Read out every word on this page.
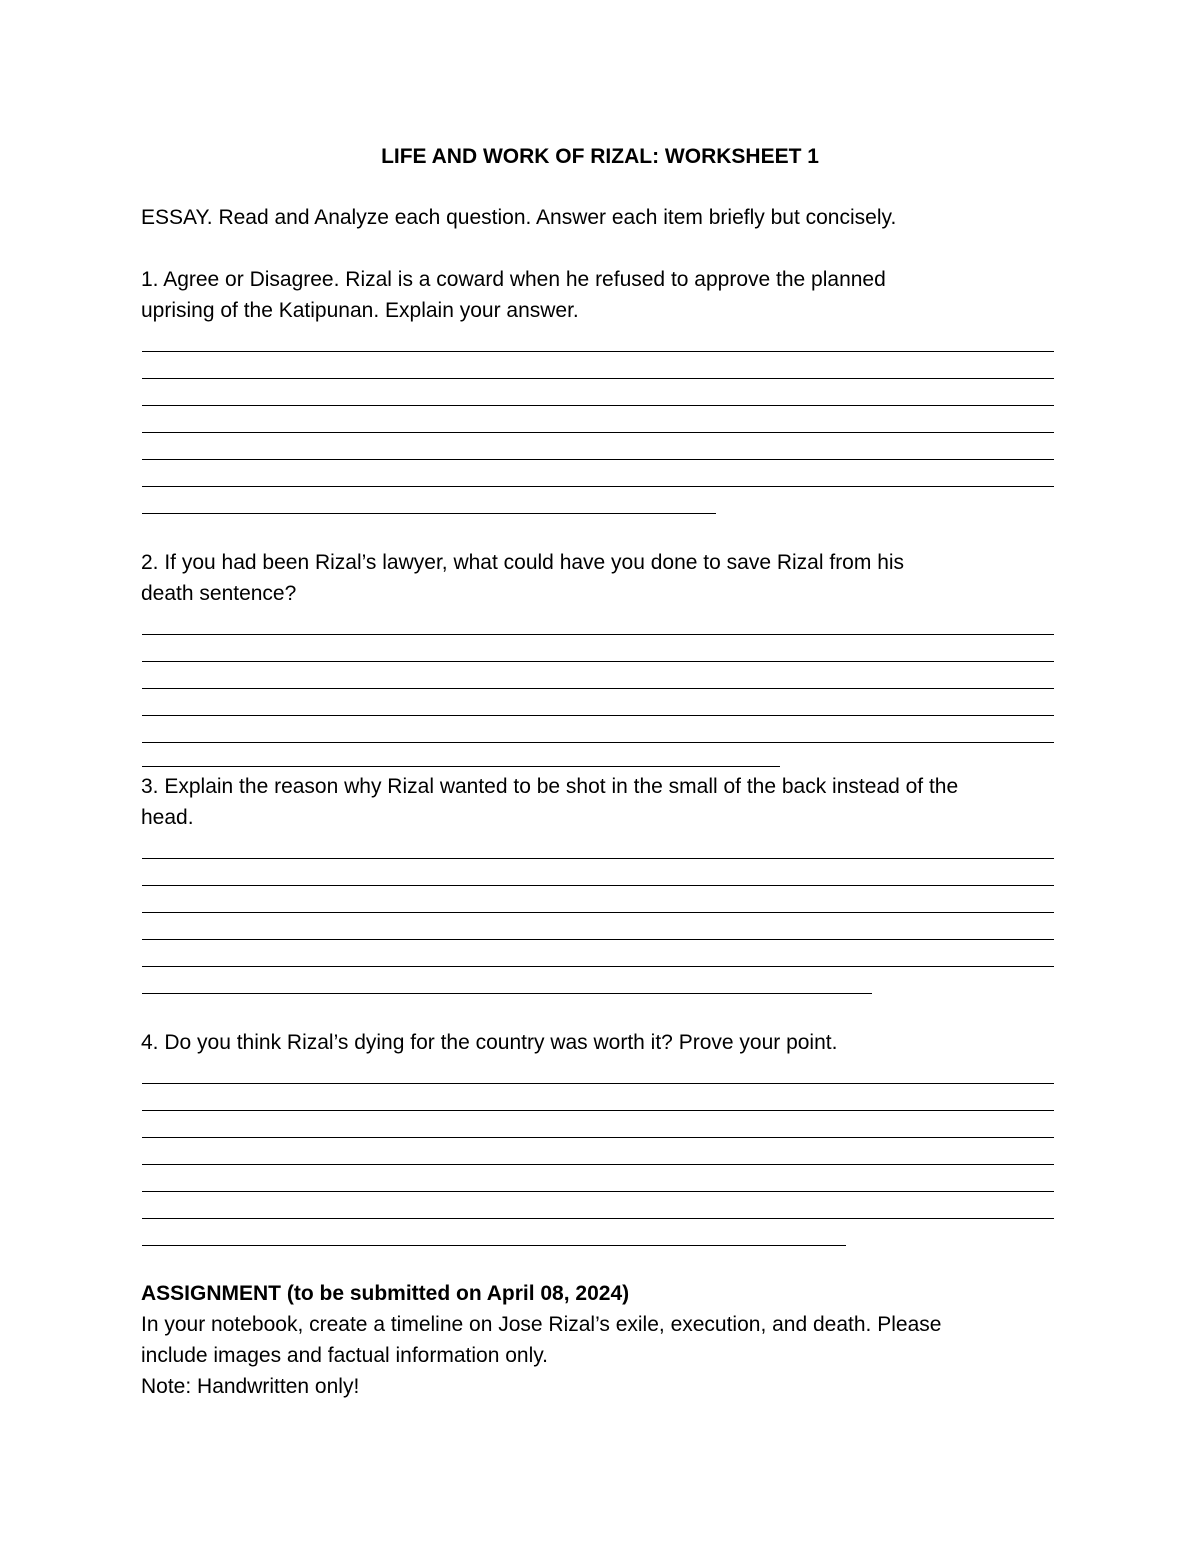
LIFE AND WORK OF RIZAL: WORKSHEET 1

ESSAY. Read and Analyze each question. Answer each item briefly but concisely.

1. Agree or Disagree. Rizal is a coward when he refused to approve the planned

uprising of the Katipunan. Explain your answer.

2. If you had been Rizal’s lawyer, what could have you done to save Rizal from his

death sentence?

3. Explain the reason why Rizal wanted to be shot in the small of the back instead of the

head.

4. Do you think Rizal’s dying for the country was worth it? Prove your point.

ASSIGNMENT (to be submitted on April 08, 2024)

In your notebook, create a timeline on Jose Rizal’s exile, execution, and death. Please

include images and factual information only.

Note: Handwritten only!
